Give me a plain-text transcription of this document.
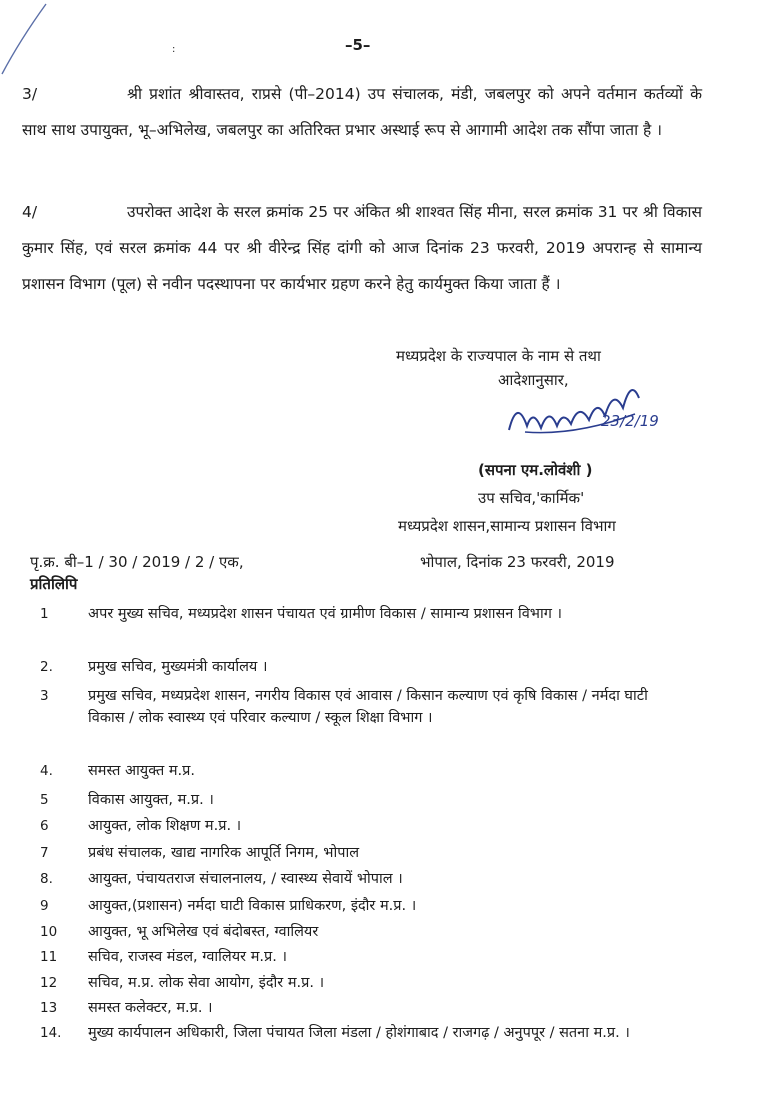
:	–5–
3/	श्री प्रशांत श्रीवास्तव, राप्रसे (पी–2014) उप संचालक, मंडी, जबलपुर को अपने वर्तमान कर्तव्यों के साथ साथ उपायुक्त, भू–अभिलेख, जबलपुर का अतिरिक्त प्रभार अस्थाई रूप से आगामी आदेश तक सौंपा जाता है ।
4/	उपरोक्त आदेश के सरल क्रमांक 25 पर अंकित श्री शाश्वत सिंह मीना, सरल क्रमांक 31 पर श्री विकास कुमार सिंह, एवं सरल क्रमांक 44 पर श्री वीरेन्द्र सिंह दांगी को आज दिनांक 23 फरवरी, 2019 अपरान्ह से सामान्य प्रशासन विभाग (पूल) से नवीन पदस्थापना पर कार्यभार ग्रहण करने हेतु कार्यमुक्त किया जाता हैं ।
मध्यप्रदेश के राज्यपाल के नाम से तथा
आदेशानुसार,
23/2/19
(सपना एम.लोवंशी )
उप सचिव,'कार्मिक'
मध्यप्रदेश शासन,सामान्य प्रशासन विभाग
पृ.क्र. बी–1 / 30 / 2019 / 2 / एक,	भोपाल, दिनांक 23 फरवरी, 2019
प्रतिलिपि
1	अपर मुख्य सचिव, मध्यप्रदेश शासन पंचायत एवं ग्रामीण विकास / सामान्य प्रशासन विभाग ।
2.	प्रमुख सचिव, मुख्यमंत्री कार्यालय ।
3	प्रमुख सचिव, मध्यप्रदेश शासन, नगरीय विकास एवं आवास / किसान कल्याण एवं कृषि विकास / नर्मदा घाटी विकास / लोक स्वास्थ्य एवं परिवार कल्याण / स्कूल शिक्षा विभाग ।
4.	समस्त आयुक्त म.प्र.
5	विकास आयुक्त, म.प्र. ।
6	आयुक्त, लोक शिक्षण म.प्र. ।
7	प्रबंध संचालक, खाद्य नागरिक आपूर्ति निगम, भोपाल
8.	आयुक्त, पंचायतराज संचालनालय, / स्वास्थ्य सेवायें भोपाल ।
9	आयुक्त,(प्रशासन) नर्मदा घाटी विकास प्राधिकरण, इंदौर म.प्र. ।
10	आयुक्त, भू अभिलेख एवं बंदोबस्त, ग्वालियर
11	सचिव, राजस्व मंडल, ग्वालियर म.प्र. ।
12	सचिव, म.प्र. लोक सेवा आयोग, इंदौर म.प्र. ।
13	समस्त कलेक्टर, म.प्र. ।
14.	मुख्य कार्यपालन अधिकारी, जिला पंचायत जिला मंडला / होशंगाबाद / राजगढ़ / अनुपपूर / सतना म.प्र. ।
